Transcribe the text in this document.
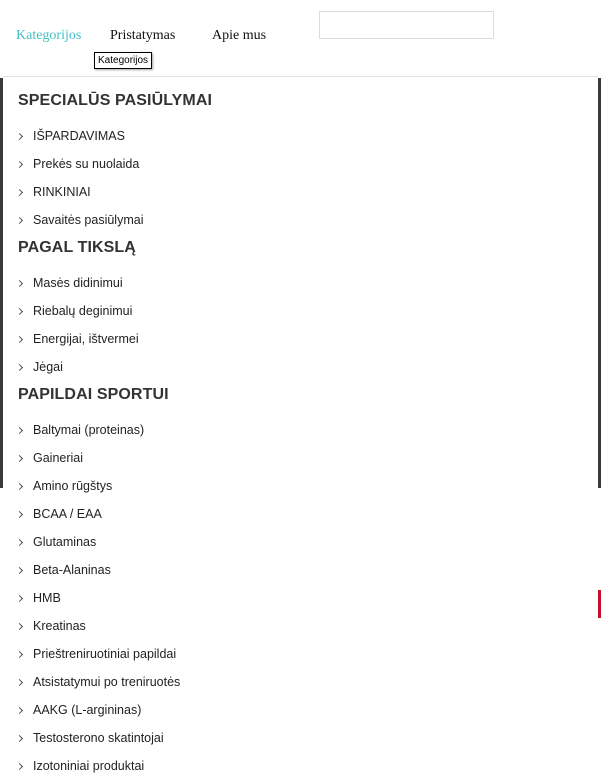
Kategorijos Pristatymas	Apie mus
SPECIALŪS PASIŪLYMAI
IŠPARDAVIMAS
Prekės su nuolaida
RINKINIAI
Savaitės pasiūlymai
PAGAL TIKSLĄ
Masės didinimui
Riebalų deginimui
Energijai, ištvermei
Jėgai
PAPILDAI SPORTUI
Baltymai (proteinas)
Gaineriai
Amino rūgštys
BCAA / EAA
Glutaminas
Beta-Alaninas
HMB
Kreatinas
Prieštreniruotiniai papildai
Atsistatymui po treniruotės
AAKG (L-argininas)
Testosterono skatintojai
Izotoniniai produktai
Kategorijos
